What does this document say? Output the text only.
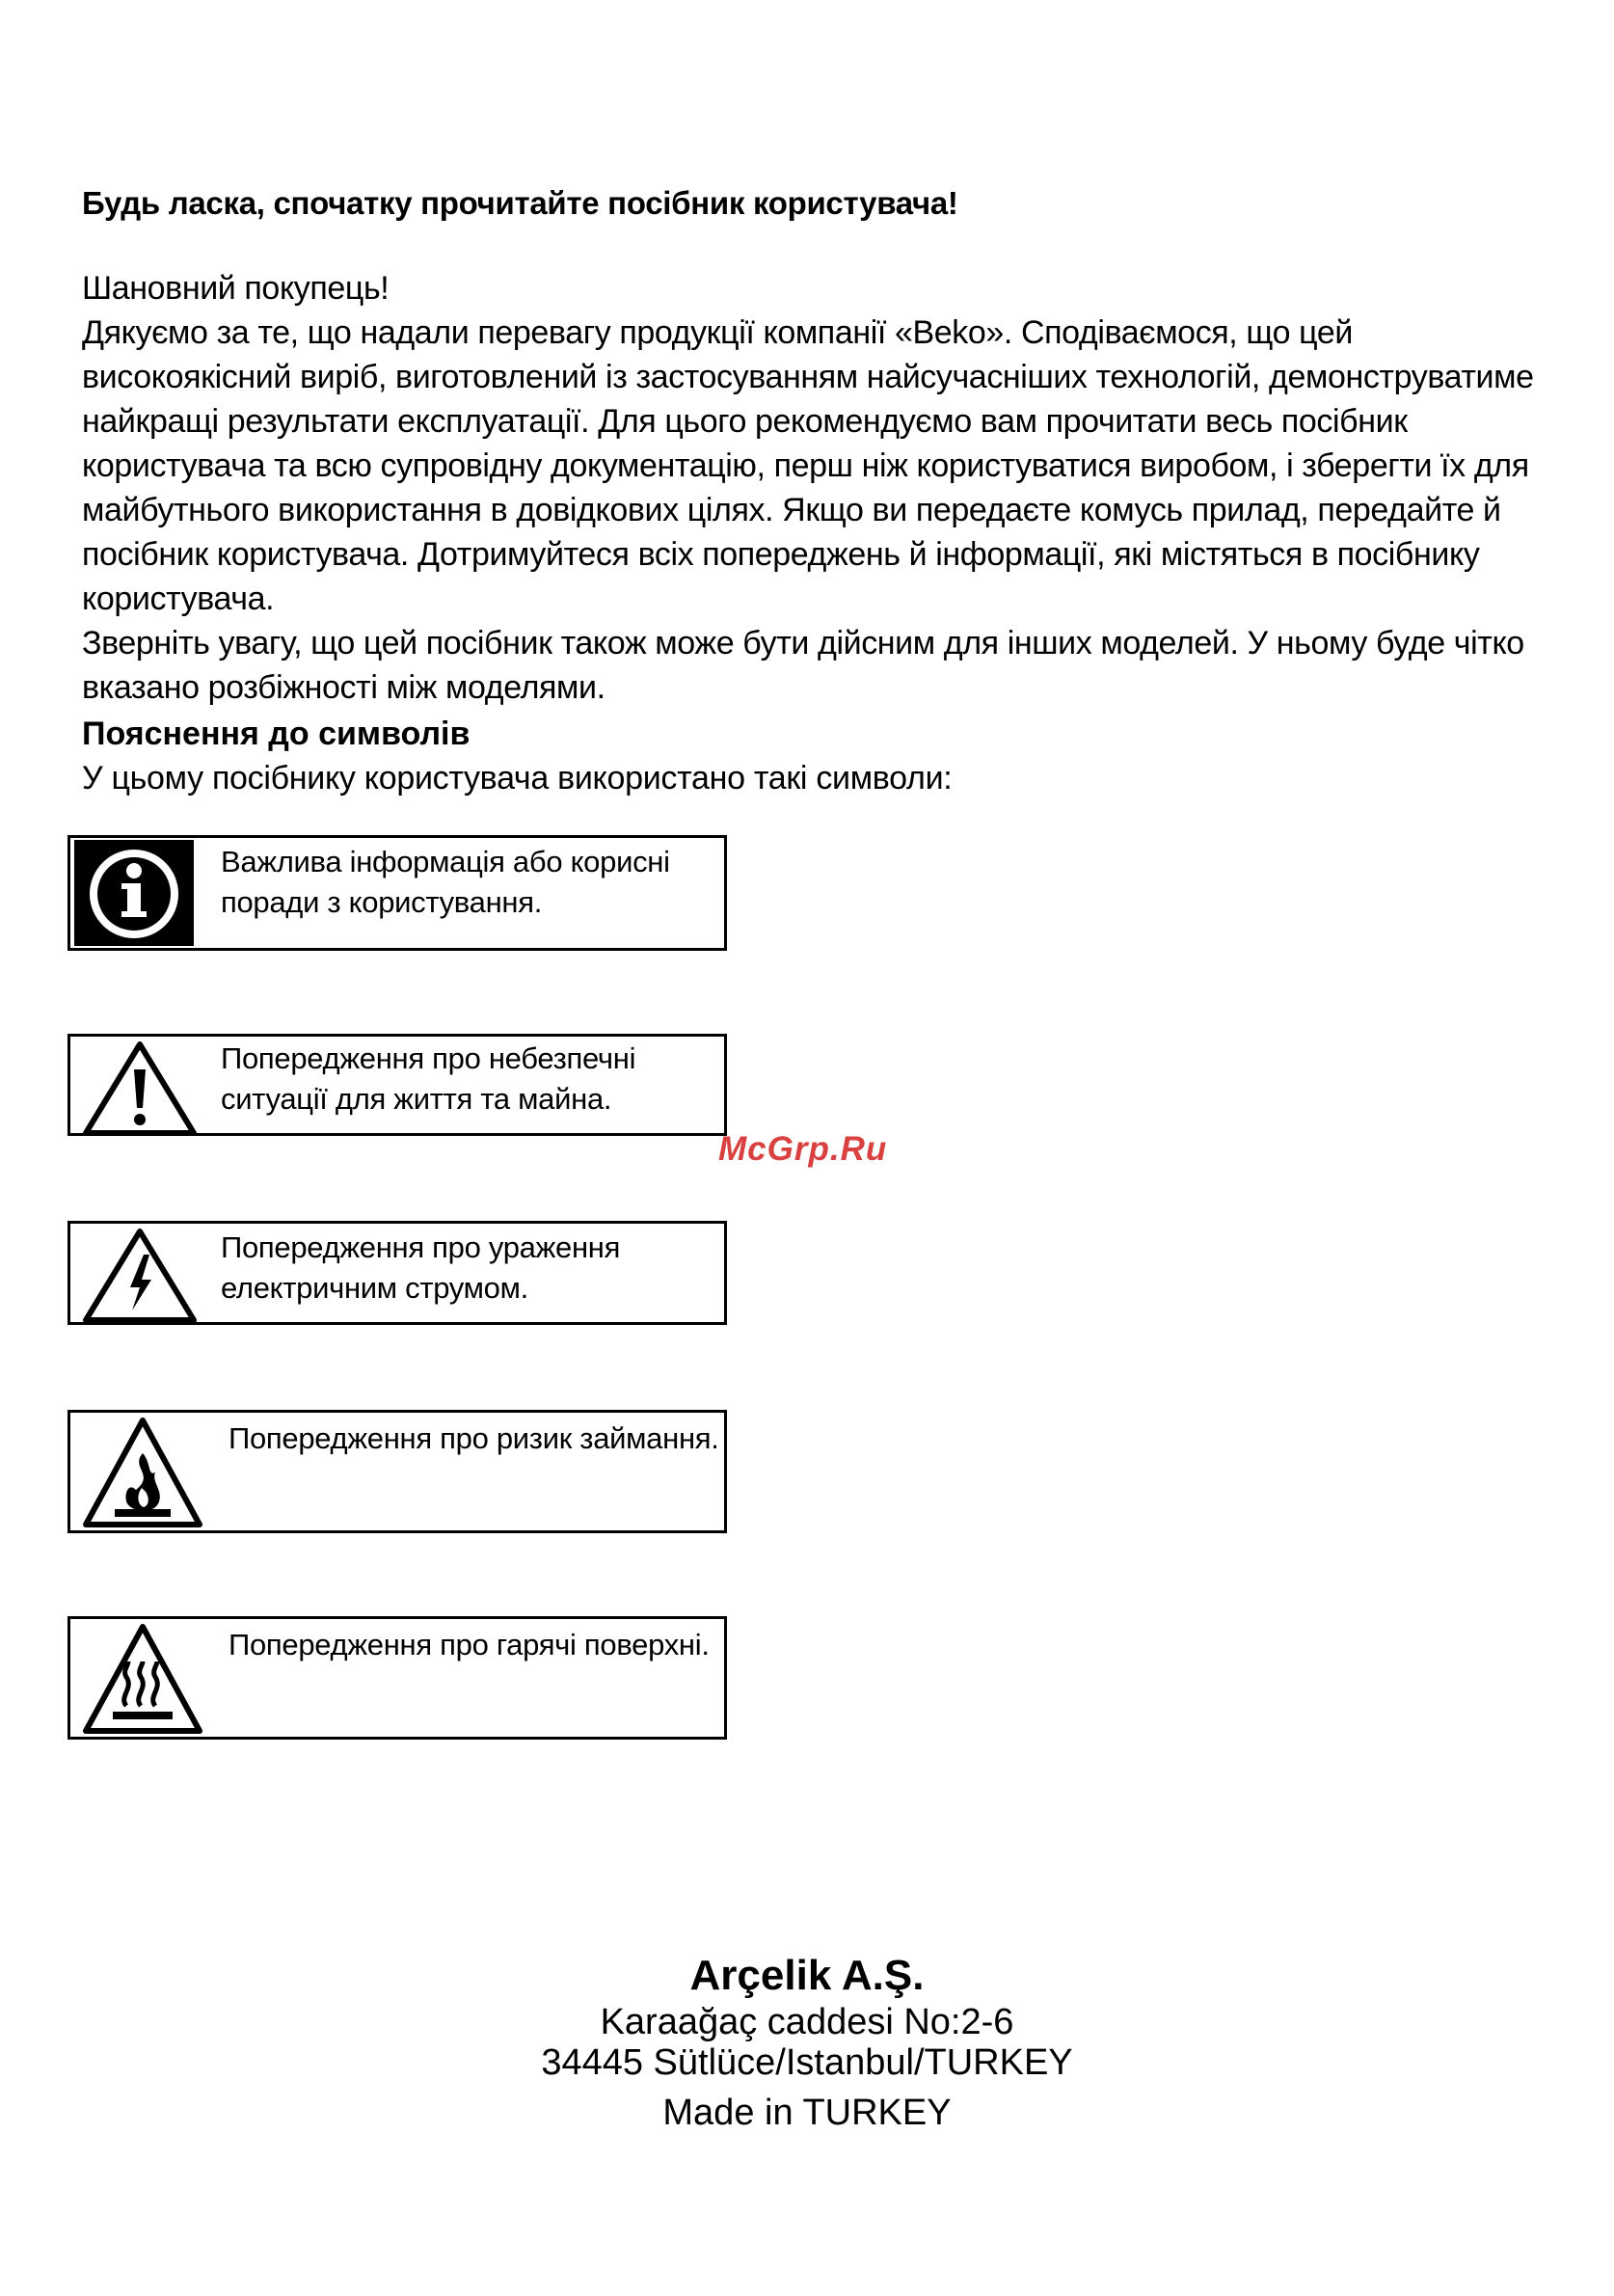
Будь ласка, спочатку прочитайте посібник користувача!

Шановний покупець!

Дякуємо за те, що надали перевагу продукції компанії «Beko». Сподіваємося, що цей високоякісний виріб, виготовлений із застосуванням найсучасніших технологій, демонструватиме найкращі результати експлуатації. Для цього рекомендуємо вам прочитати весь посібник користувача та всю супровідну документацію, перш ніж користуватися виробом, і зберегти їх для майбутнього використання в довідкових цілях. Якщо ви передаєте комусь прилад, передайте й посібник користувача. Дотримуйтеся всіх попереджень й інформації, які містяться в посібнику користувача.

Зверніть увагу, що цей посібник також може бути дійсним для інших моделей. У ньому буде чітко вказано розбіжності між моделями.

Пояснення до символів
У цьому посібнику користувача використано такі символи:
Важлива інформація або корисні
поради з користування.
Попередження про небезпечні
ситуації для життя та майна.
Попередження про ураження
електричним струмом.
Попередження про ризик займання.
Попередження про гарячі поверхні.
McGrp.Ru
Arçelik A.Ş.
Karaağaç caddesi No:2-6
34445 Sütlüce/Istanbul/TURKEY
Made in TURKEY
